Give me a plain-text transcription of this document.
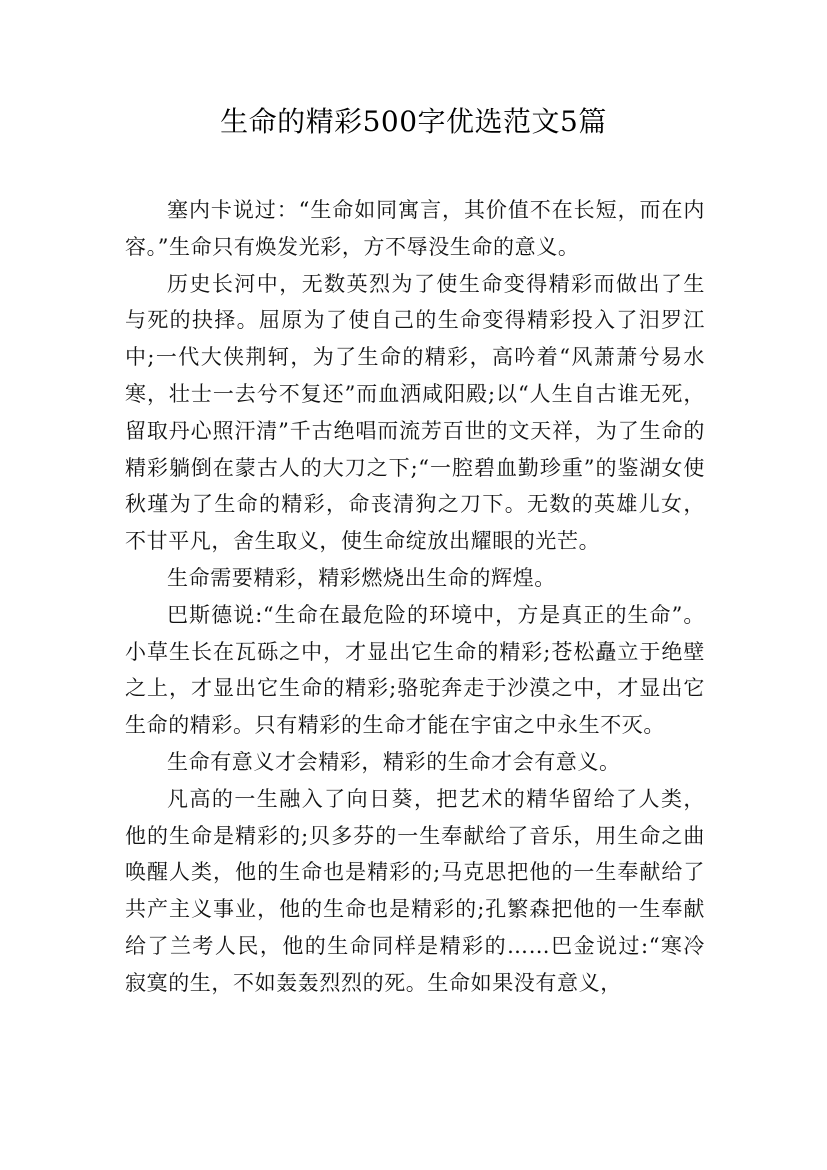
生命的精彩500字优选范文5篇

塞内卡说过：“生命如同寓言，其价值不在长短，而在内容。”生命只有焕发光彩，方不辱没生命的意义。

历史长河中，无数英烈为了使生命变得精彩而做出了生与死的抉择。屈原为了使自己的生命变得精彩投入了汨罗江中;一代大侠荆轲，为了生命的精彩，高吟着“风萧萧兮易水寒，壮士一去兮不复还”而血洒咸阳殿;以“人生自古谁无死，留取丹心照汗清”千古绝唱而流芳百世的文天祥，为了生命的精彩躺倒在蒙古人的大刀之下;“一腔碧血勤珍重”的鉴湖女使秋瑾为了生命的精彩，命丧清狗之刀下。无数的英雄儿女，不甘平凡，舍生取义，使生命绽放出耀眼的光芒。

生命需要精彩，精彩燃烧出生命的辉煌。

巴斯德说:“生命在最危险的环境中，方是真正的生命”。小草生长在瓦砾之中，才显出它生命的精彩;苍松矗立于绝壁之上，才显出它生命的精彩;骆驼奔走于沙漠之中，才显出它生命的精彩。只有精彩的生命才能在宇宙之中永生不灭。

生命有意义才会精彩，精彩的生命才会有意义。

凡高的一生融入了向日葵，把艺术的精华留给了人类，他的生命是精彩的;贝多芬的一生奉献给了音乐，用生命之曲唤醒人类，他的生命也是精彩的;马克思把他的一生奉献给了共产主义事业，他的生命也是精彩的;孔繁森把他的一生奉献给了兰考人民，他的生命同样是精彩的……巴金说过:“寒冷寂寞的生，不如轰轰烈烈的死。生命如果没有意义，
